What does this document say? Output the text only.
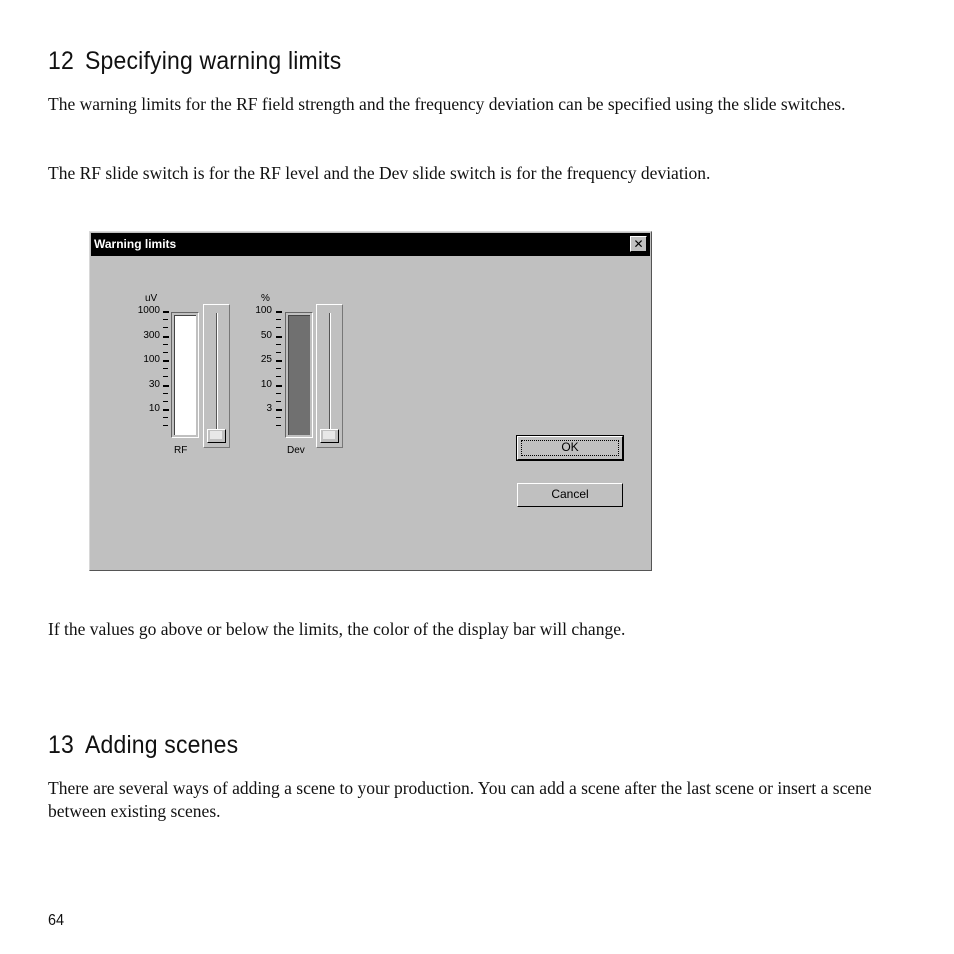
12 Specifying warning limits

The warning limits for the RF field strength and the frequency deviation can be specified using the slide switches.

The RF slide switch is for the RF level and the Dev slide switch is for the frequency deviation.

Warning limits	✕
uV
1000
300
100
30
10
RF
%
100
50
25
10
3
Dev	OK
Cancel

If the values go above or below the limits, the color of the display bar will change.

13 Adding scenes

There are several ways of adding a scene to your production. You can add a scene after the last scene or insert a scene between existing scenes.

64
